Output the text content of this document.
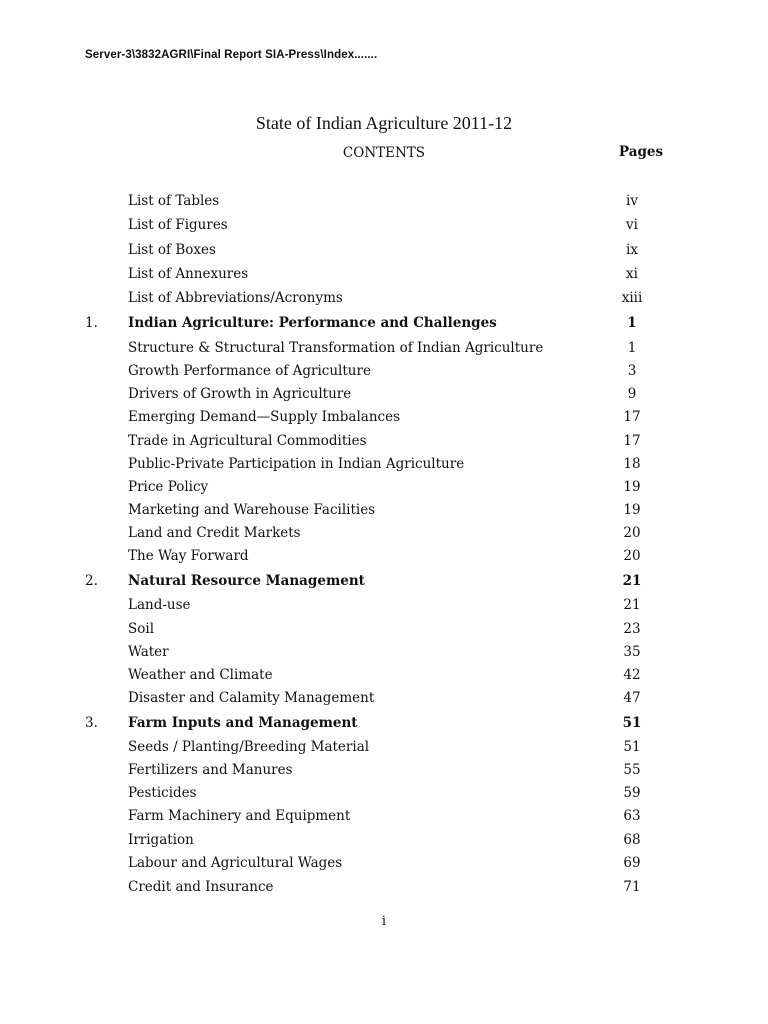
Server-3\3832AGRI\Final Report SIA-Press\Index.......
State of Indian Agriculture 2011-12
CONTENTS	Pages
List of Tables	iv
List of Figures	vi
List of Boxes	ix
List of Annexures	xi
List of Abbreviations/Acronyms	xiii
1. Indian Agriculture: Performance and Challenges	1
Structure & Structural Transformation of Indian Agriculture	1
Growth Performance of Agriculture	3
Drivers of Growth in Agriculture	9
Emerging Demand—Supply Imbalances	17
Trade in Agricultural Commodities	17
Public-Private Participation in Indian Agriculture	18
Price Policy	19
Marketing and Warehouse Facilities	19
Land and Credit Markets	20
The Way Forward	20
2. Natural Resource Management	21
Land-use	21
Soil	23
Water	35
Weather and Climate	42
Disaster and Calamity Management	47
3. Farm Inputs and Management	51
Seeds / Planting/Breeding Material	51
Fertilizers and Manures	55
Pesticides	59
Farm Machinery and Equipment	63
Irrigation	68
Labour and Agricultural Wages	69
Credit and Insurance	71
i
